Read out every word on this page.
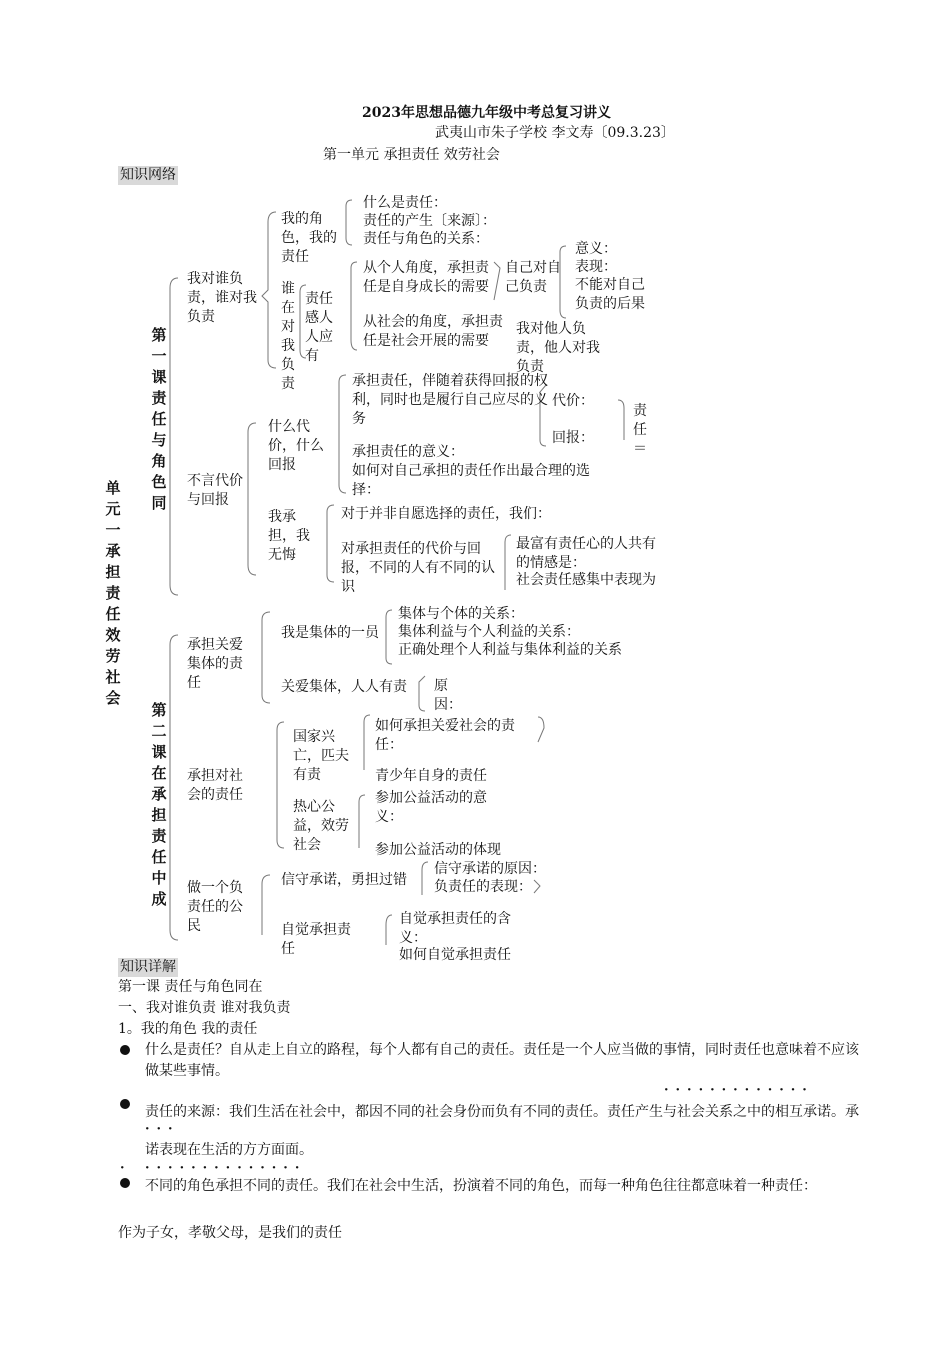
2023年思想品德九年级中考总复习讲义
武夷山市朱子学校 李文寿〔09.3.23〕
第一单元 承担责任 效劳社会
知识网络
单元一承担责任效劳社会
第一课责任与角色同
第二课在承担责任中成
我对谁负责，谁对我负责
我的角色，我的责任
什么是责任：
责任的产生〔来源〕：
责任与角色的关系：
谁在对我负责
责任感人人应有
从个人角度，承担责任是自身成长的需要
自己对自己负责
意义：
表现：
不能对自己负责的后果
从社会的角度，承担责任是社会开展的需要
我对他人负责，他人对我负责
不言代价与回报
什么代价，什么回报
承担责任，伴随着获得回报的权利，同时也是履行自己应尽的义务
代价：
回报：
责任＝
承担责任的意义：
如何对自己承担的责任作出最合理的选择：
我承担，我无悔
对于并非自愿选择的责任，我们：
对承担责任的代价与回报，不同的人有不同的认识
最富有责任心的人共有的情感是：
社会责任感集中表现为
承担关爱集体的责任
我是集体的一员
集体与个体的关系：
集体利益与个人利益的关系：
正确处理个人利益与集体利益的关系
关爱集体，人人有责 原因：
承担对社会的责任
国家兴亡，匹夫有责
如何承担关爱社会的责任：
青少年自身的责任
热心公益，效劳社会
参加公益活动的意义：
参加公益活动的体现
做一个负责任的公民
信守承诺，勇担过错
信守承诺的原因：
负责任的表现：
自觉承担责任
自觉承担责任的含义：
如何自觉承担责任
知识详解
第一课 责任与角色同在
一、我对谁负责 谁对我负责
1。我的角色 我的责任
什么是责任？自从走上自立的路程，每个人都有自己的责任。责任是一个人应当做的事情，同时责任也意味着不应该做某些事情。
·············
责任的来源：我们生活在社会中，都因不同的社会身份而负有不同的责任。责任产生与社会关系之中的相互承诺。承诺表现在生活的方方面面。
···
· ··············
不同的角色承担不同的责任。我们在社会中生活，扮演着不同的角色，而每一种角色往往都意味着一种责任：
作为子女，孝敬父母，是我们的责任
